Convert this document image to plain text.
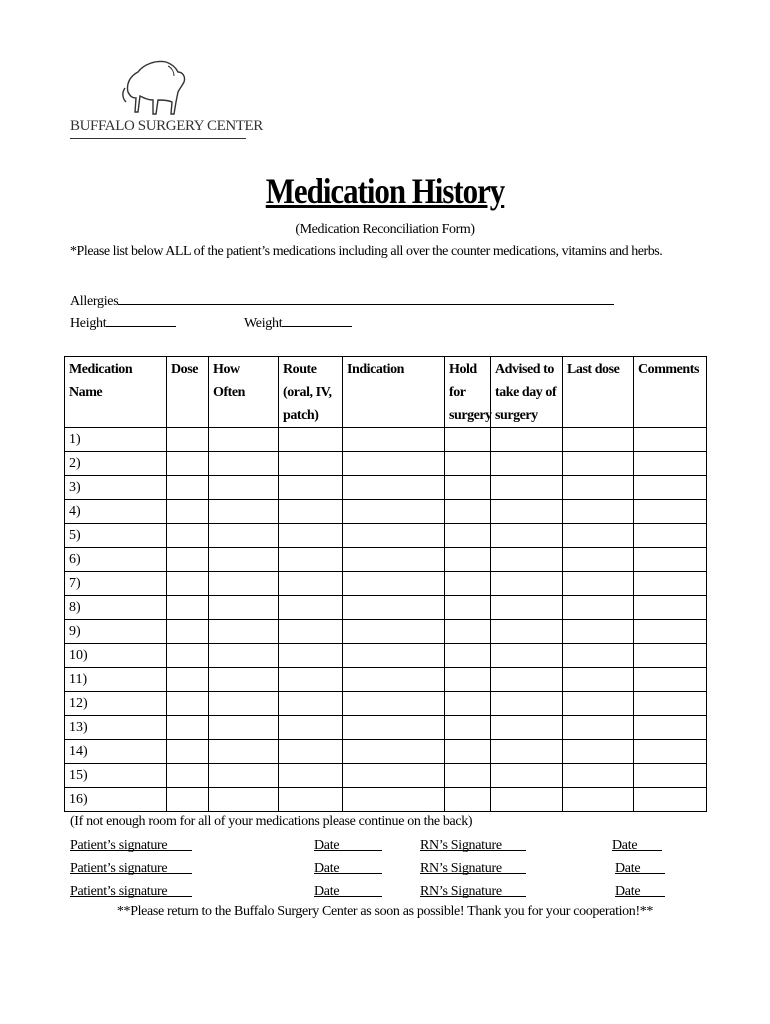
BUFFALO SURGERY CENTER
Medication History
(Medication Reconciliation Form)
*Please list below ALL of the patient’s medications including all over the counter medications, vitamins and herbs.
Allergies
Height	Weight
Medication Name	Dose	How Often	Route (oral, IV, patch)	Indication	Hold for surgery	Advised to take day of surgery	Last dose	Comments
1)								
2)								
3)								
4)								
5)								
6)								
7)								
8)								
9)								
10)								
11)								
12)								
13)								
14)								
15)								
16)								
(If not enough room for all of your medications please continue on the back)
Patient’s signature	Date	RN’s Signature	Date
Patient’s signature	Date	RN’s Signature	Date
Patient’s signature	Date	RN’s Signature	Date
**Please return to the Buffalo Surgery Center as soon as possible! Thank you for your cooperation!**
